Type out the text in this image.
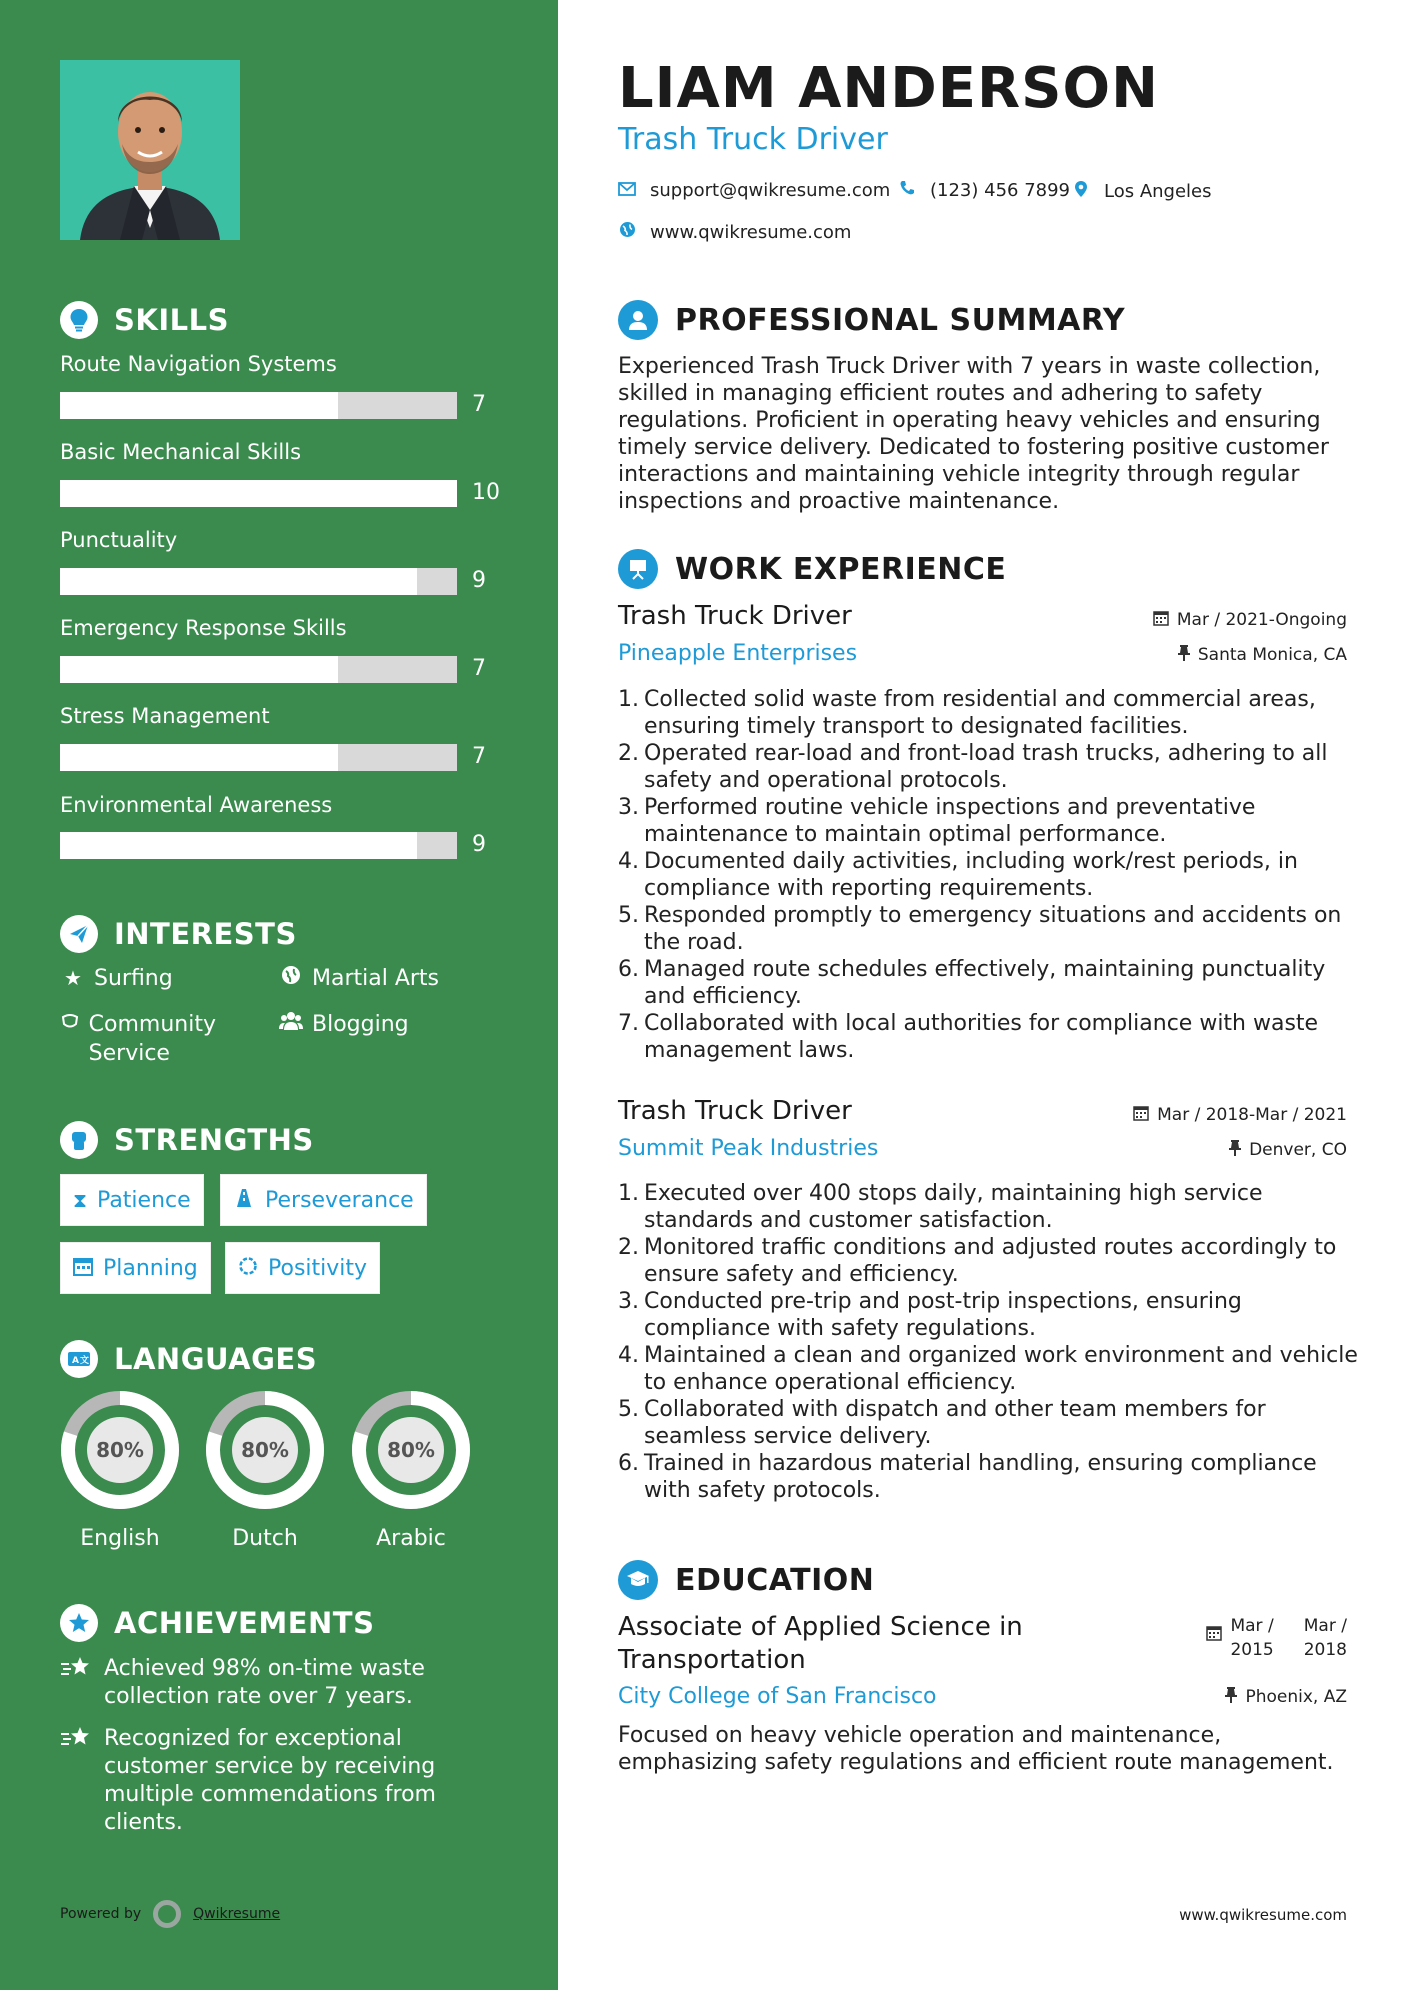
SKILLS
Route Navigation Systems
7
Basic Mechanical Skills
10
Punctuality
9
Emergency Response Skills
7
Stress Management
7
Environmental Awareness
9
INTERESTS
★ Surfing	Martial Arts
Community Service
Blogging
STRENGTHS
⧗ Patience	Perseverance
Planning	Positivity
A 文 LANGUAGES
80%
English
80%
Dutch
80%
Arabic
ACHIEVEMENTS
Achieved 98% on-time waste collection rate over 7 years.
Recognized for exceptional customer service by receiving multiple commendations from clients.
Powered by	Qwikresume
LIAM ANDERSON
Trash Truck Driver
support@qwikresume.com (123) 456 7899 Los Angeles
www.qwikresume.com
PROFESSIONAL SUMMARY
Experienced Trash Truck Driver with 7 years in waste collection, skilled in managing efficient routes and adhering to safety regulations. Proficient in operating heavy vehicles and ensuring timely service delivery. Dedicated to fostering positive customer interactions and maintaining vehicle integrity through regular inspections and proactive maintenance.
WORK EXPERIENCE
Trash Truck Driver	Mar / 2021-Ongoing
Pineapple Enterprises	Santa Monica, CA
1. Collected solid waste from residential and commercial areas, ensuring timely transport to designated facilities.
2. Operated rear-load and front-load trash trucks, adhering to all safety and operational protocols.
3. Performed routine vehicle inspections and preventative maintenance to maintain optimal performance.
4. Documented daily activities, including work/rest periods, in compliance with reporting requirements.
5. Responded promptly to emergency situations and accidents on the road.
6. Managed route schedules effectively, maintaining punctuality and efficiency.
7. Collaborated with local authorities for compliance with waste management laws.
Trash Truck Driver	Mar / 2018-Mar / 2021
Summit Peak Industries	Denver, CO
1. Executed over 400 stops daily, maintaining high service standards and customer satisfaction.
2. Monitored traffic conditions and adjusted routes accordingly to ensure safety and efficiency.
3. Conducted pre-trip and post-trip inspections, ensuring compliance with safety regulations.
4. Maintained a clean and organized work environment and vehicle to enhance operational efficiency.
5. Collaborated with dispatch and other team members for seamless service delivery.
6. Trained in hazardous material handling, ensuring compliance with safety protocols.
EDUCATION
Associate of Applied Science in
Transportation
Mar /
2015
Mar /
2018
City College of San Francisco	Phoenix, AZ
Focused on heavy vehicle operation and maintenance, emphasizing safety regulations and efficient route management.
www.qwikresume.com
